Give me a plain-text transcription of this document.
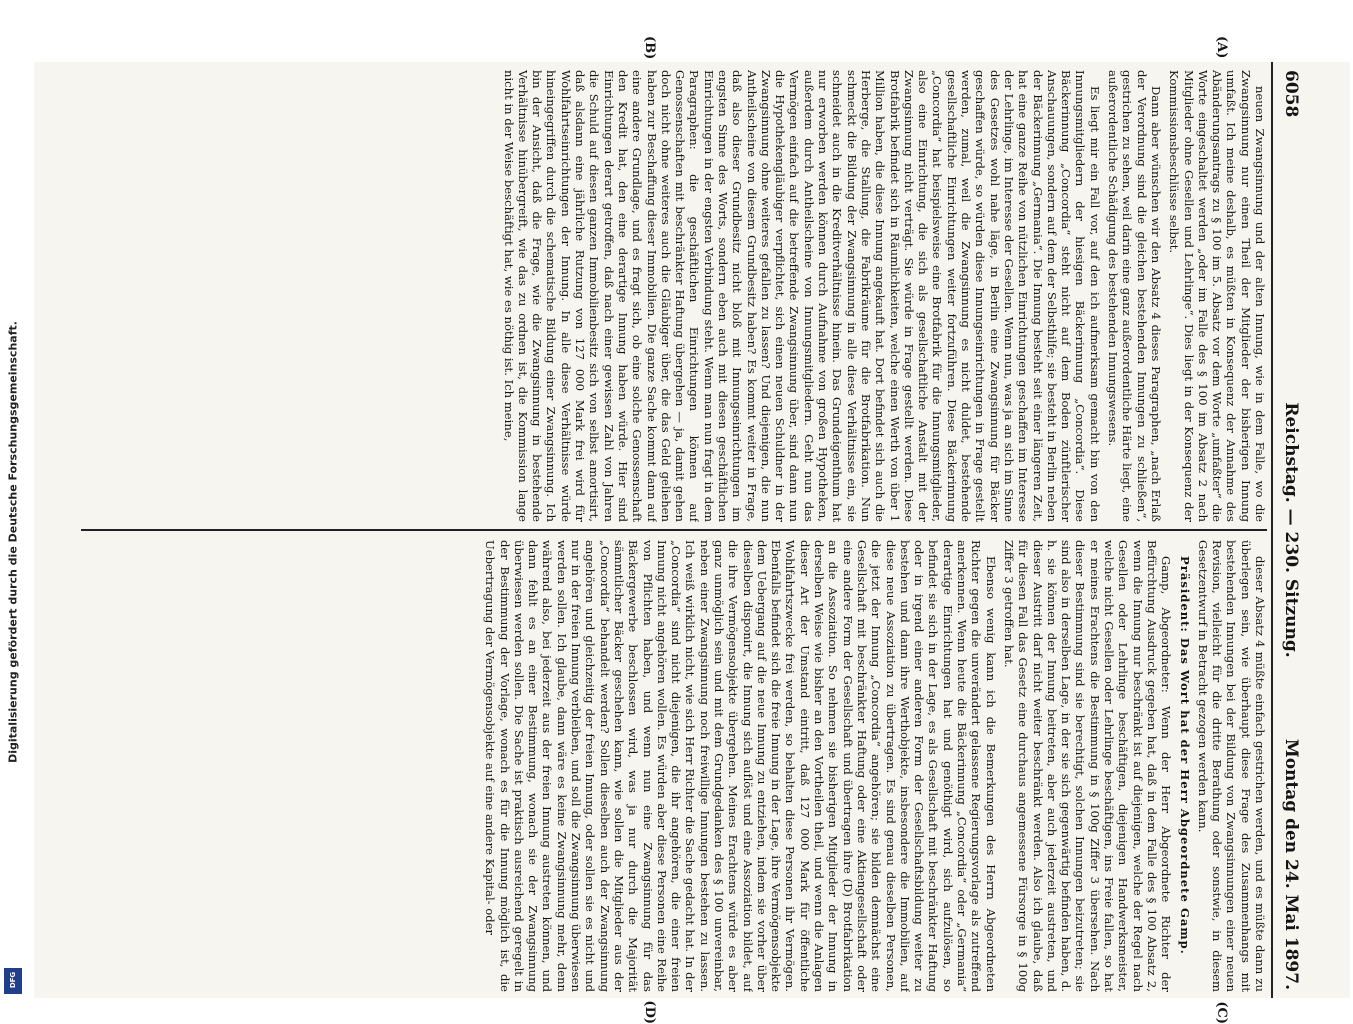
Digitalisierung gefördert durch die Deutsche Forschungsgemeinschaft.
DFG
6058
Reichstag. — 230. Sitzung.
Montag den 24. Mai 1897.
(A)
(B)
(C)
(D)

neuen Zwangsinnung und der alten Innung, wie in dem Falle, wo die Zwangsinnung nur einen Theil der Mitglieder der bisherigen Innung umfaßt. Ich meine deshalb, es müßten in Konsequenz der Annahme des Abänderungsantrags zu § 100 im 5. Absatz vor dem Worte „umfaßter“ die Worte eingeschaltet werden „oder im Falle des § 100 im Absatz 2 nach Mitglieder ohne Gesellen und Lehrlinge“. Dies liegt in der Konsequenz der Kommissionsbeschlüsse selbst.

Dann aber wünschen wir den Absatz 4 dieses Paragraphen, „nach Erlaß der Verordnung sind die gleichen bestehenden Innungen zu schließen“, gestrichen zu sehen, weil darin eine ganz außerordentliche Härte liegt, eine außerordentliche Schädigung des bestehenden Innungswesens.

Es liegt mir ein Fall vor, auf den ich aufmerksam gemacht bin von den Innungsmitgliedern der hiesigen Bäckerinnung „Concordia“. Diese Bäckerinnung „Concordia“ steht nicht auf dem Boden zünftlerischer Anschauungen, sondern auf dem der Selbsthilfe; sie besteht in Berlin neben der Bäckerinnung „Germania“. Die Innung besteht seit einer längeren Zeit, hat eine ganze Reihe von nützlichen Einrichtungen geschaffen im Interesse der Lehrlinge, im Interesse der Gesellen. Wenn nun, was ja an sich im Sinne des Gesetzes wohl nahe läge, in Berlin eine Zwangsinnung für Bäcker geschaffen würde, so würden diese Innungseinrichtungen in Frage gestellt werden, zumal, weil die Zwangsinnung es nicht duldet, bestehende gesellschaftliche Einrichtungen weiter fortzuführen. Diese Bäckerinnung „Concordia“ hat beispielsweise eine Brotfabrik für die Innungsmitglieder, also eine Einrichtung, die sich als gesellschaftliche Anstalt mit der Zwangsinnung nicht verträgt. Sie würde in Frage gestellt werden. Diese Brotfabrik befindet sich in Räumlichkeiten, welche einen Werth von über 1 Million haben, die diese Innung angekauft hat. Dort befindet sich auch die Herberge, die Stallung, die Fabrikräume für die Brotfabrikation. Nun schmeckt die Bildung der Zwangsinnung in alle diese Verhältnisse ein, sie schneidet auch in die Kreditverhältnisse hinein. Das Grundeigenthum hat nur erworben werden können durch Aufnahme von großen Hypotheken, außerdem durch Antheilscheine von Innungsmitgliedern. Geht nun das Vermögen einfach auf die betreffende Zwangsinnung über, sind dann nun die Hypothekengläubiger verpflichtet, sich einen neuen Schuldner in der Zwangsinnung ohne weiteres gefallen zu lassen? Und diejenigen, die nun Antheilscheine von diesem Grundbesitz haben? Es kommt weiter in Frage, daß also dieser Grundbesitz nicht bloß mit Innungseinrichtungen im engsten Sinne des Worts, sondern eben auch mit diesen geschäftlichen Einrichtungen in der engsten Verbindung steht. Wenn man nun fragt in dem Paragraphen: die geschäftlichen Einrichtungen können auf Genossenschaften mit beschränkter Haftung übergehen — ja, damit gehen doch nicht ohne weiteres auch die Gläubiger über, die das Geld geliehen haben zur Beschaffung dieser Immobilien. Die ganze Sache kommt dann auf eine andere Grundlage, und es fragt sich, ob eine solche Genossenschaft den Kredit hat, den eine derartige Innung haben würde. Hier sind Einrichtungen derart getroffen, daß nach einer gewissen Zahl von Jahren die Schuld auf diesen ganzen Immobilienbesitz sich von selbst amortisirt, daß alsdann eine jährliche Rutzung von 127 000 Mark frei wird für Wohlfahrtseinrichtungen der Innung. In alle diese Verhältnisse würde hineingegriffen durch die schematische Bildung einer Zwangsinnung. Ich bin der Ansicht, daß die Frage, wie die Zwangsinnung in bestehende Verhältnisse hinübergreift, wie das zu ordnen ist, die Kommission lange nicht in der Weise beschäftigt hat, wie es nöthig ist. Ich meine,

dieser Absatz 4 müßte einfach gestrichen werden, und es müßte dann zu überlegen sein, wie überhaupt diese Frage des Zusammenhangs mit bestehenden Innungen bei der Bildung von Zwangsinnungen einer neuen Revision, vielleicht für die dritte Berathung oder sonstwie, in diesem Gesetzentwurf in Betracht gezogen werden kann.

Präsident: Das Wort hat der Herr Abgeordnete Gamp.

Gamp, Abgeordneter: Wenn der Herr Abgeordnete Richter der Befürchtung Ausdruck gegeben hat, daß in dem Falle des § 100 Absatz 2, wenn die Innung nur beschränkt ist auf diejenigen, welche der Regel nach Gesellen oder Lehrlinge beschäftigen, diejenigen Handwerksmeister, welche nicht Gesellen oder Lehrlinge beschäftigen, ins Freie fallen, so hat er meines Erachtens die Bestimmung in § 100g Ziffer 3 übersehen. Nach dieser Bestimmung sind sie berechtigt, solchen Innungen beizutreten; sie sind also in derselben Lage, in der sie sich gegenwärtig befinden haben, d. h. sie können der Innung beitreten, aber auch jederzeit austreten, und dieser Austritt darf nicht weiter beschränkt werden. Also ich glaube, daß für diesen Fall das Gesetz eine durchaus angemessene Fürsorge in § 100g Ziffer 3 getroffen hat.

Ebenso wenig kann ich die Bemerkungen des Herrn Abgeordneten Richter gegen die unverändert gelassene Regierungsvorlage als zutreffend anerkennen. Wenn heute die Bäckerinnung „Concordia“ oder „Germania“ derartige Einrichtungen hat und genöthigt wird, sich aufzulösen, so befindet sie sich in der Lage, es als Gesellschaft mit beschränkter Haftung oder in irgend einer anderen Form der Gesellschaftsbildung weiter zu bestehen und dann ihre Werthobjekte, insbesondere die Immobilien, auf diese neue Assoziation zu übertragen. Es sind genau dieselben Personen, die jetzt der Innung „Concordia“ angehören; sie bilden demnächst eine Gesellschaft mit beschränkter Haftung oder eine Aktiengesellschaft oder eine andere Form der Gesellschaft und übertragen ihre (D) Brotfabrikation an die Assoziation. So nehmen sie bisherigen Mitglieder der Innung in derselben Weise wie bisher an den Vortheilen theil, und wenn die Anlagen dieser Art der Umstand eintritt, daß 127 000 Mark für öffentliche Wohlfahrtszwecke frei werden, so behalten diese Personen ihr Vermögen. Ebenfalls befindet sich die freie Innung in der Lage, ihre Vermögensobjekte dem Uebergang auf die neue Innung zu entziehen, indem sie vorher über dieselben disponirt, die Innung sich auflöst und eine Assoziation bildet, auf die ihre Vermögensobjekte übergehen. Meines Erachtens würde es aber ganz unmöglich sein und mit dem Grundgedanken des § 100 unvereinbar, neben einer Zwangsinnung noch freiwillige Innungen bestehen zu lassen. Ich weiß wirklich nicht, wie sich Herr Richter die Sache gedacht hat. In der „Concordia“ sind nicht diejenigen, die ihr angehören, die einer freien Innung nicht angehören wollen. Es würden aber diese Personen eine Reihe von Pflichten haben, und wenn nun eine Zwangsinnung für das Bäckergewerbe beschlossen wird, was ja nur durch die Majorität sämmtlicher Bäcker geschehen kann, wie sollen die Mitglieder aus der „Concordia“ behandelt werden? Sollen dieselben auch der Zwangsinnung angehören und gleichzeitig der freien Innung, oder sollen sie es nicht und nur in der freien Innung verbleiben, und soll die Zwangsinnung überwiesen werden sollen. Ich glaube, dann wäre es keine Zwangsinnung mehr, denn während also, bei jederzeit aus der freien Innung austreten können, und dann fehlt es an einer Bestimmung, wonach sie der Zwangsinnung überwiesen werden sollen. Die Sache ist praktisch ausreichend geregelt in der Bestimmung der Vorlage, wonach es für die Innung möglich ist, die Uebertragung der Vermögensobjekte auf eine andere Kapital- oder
